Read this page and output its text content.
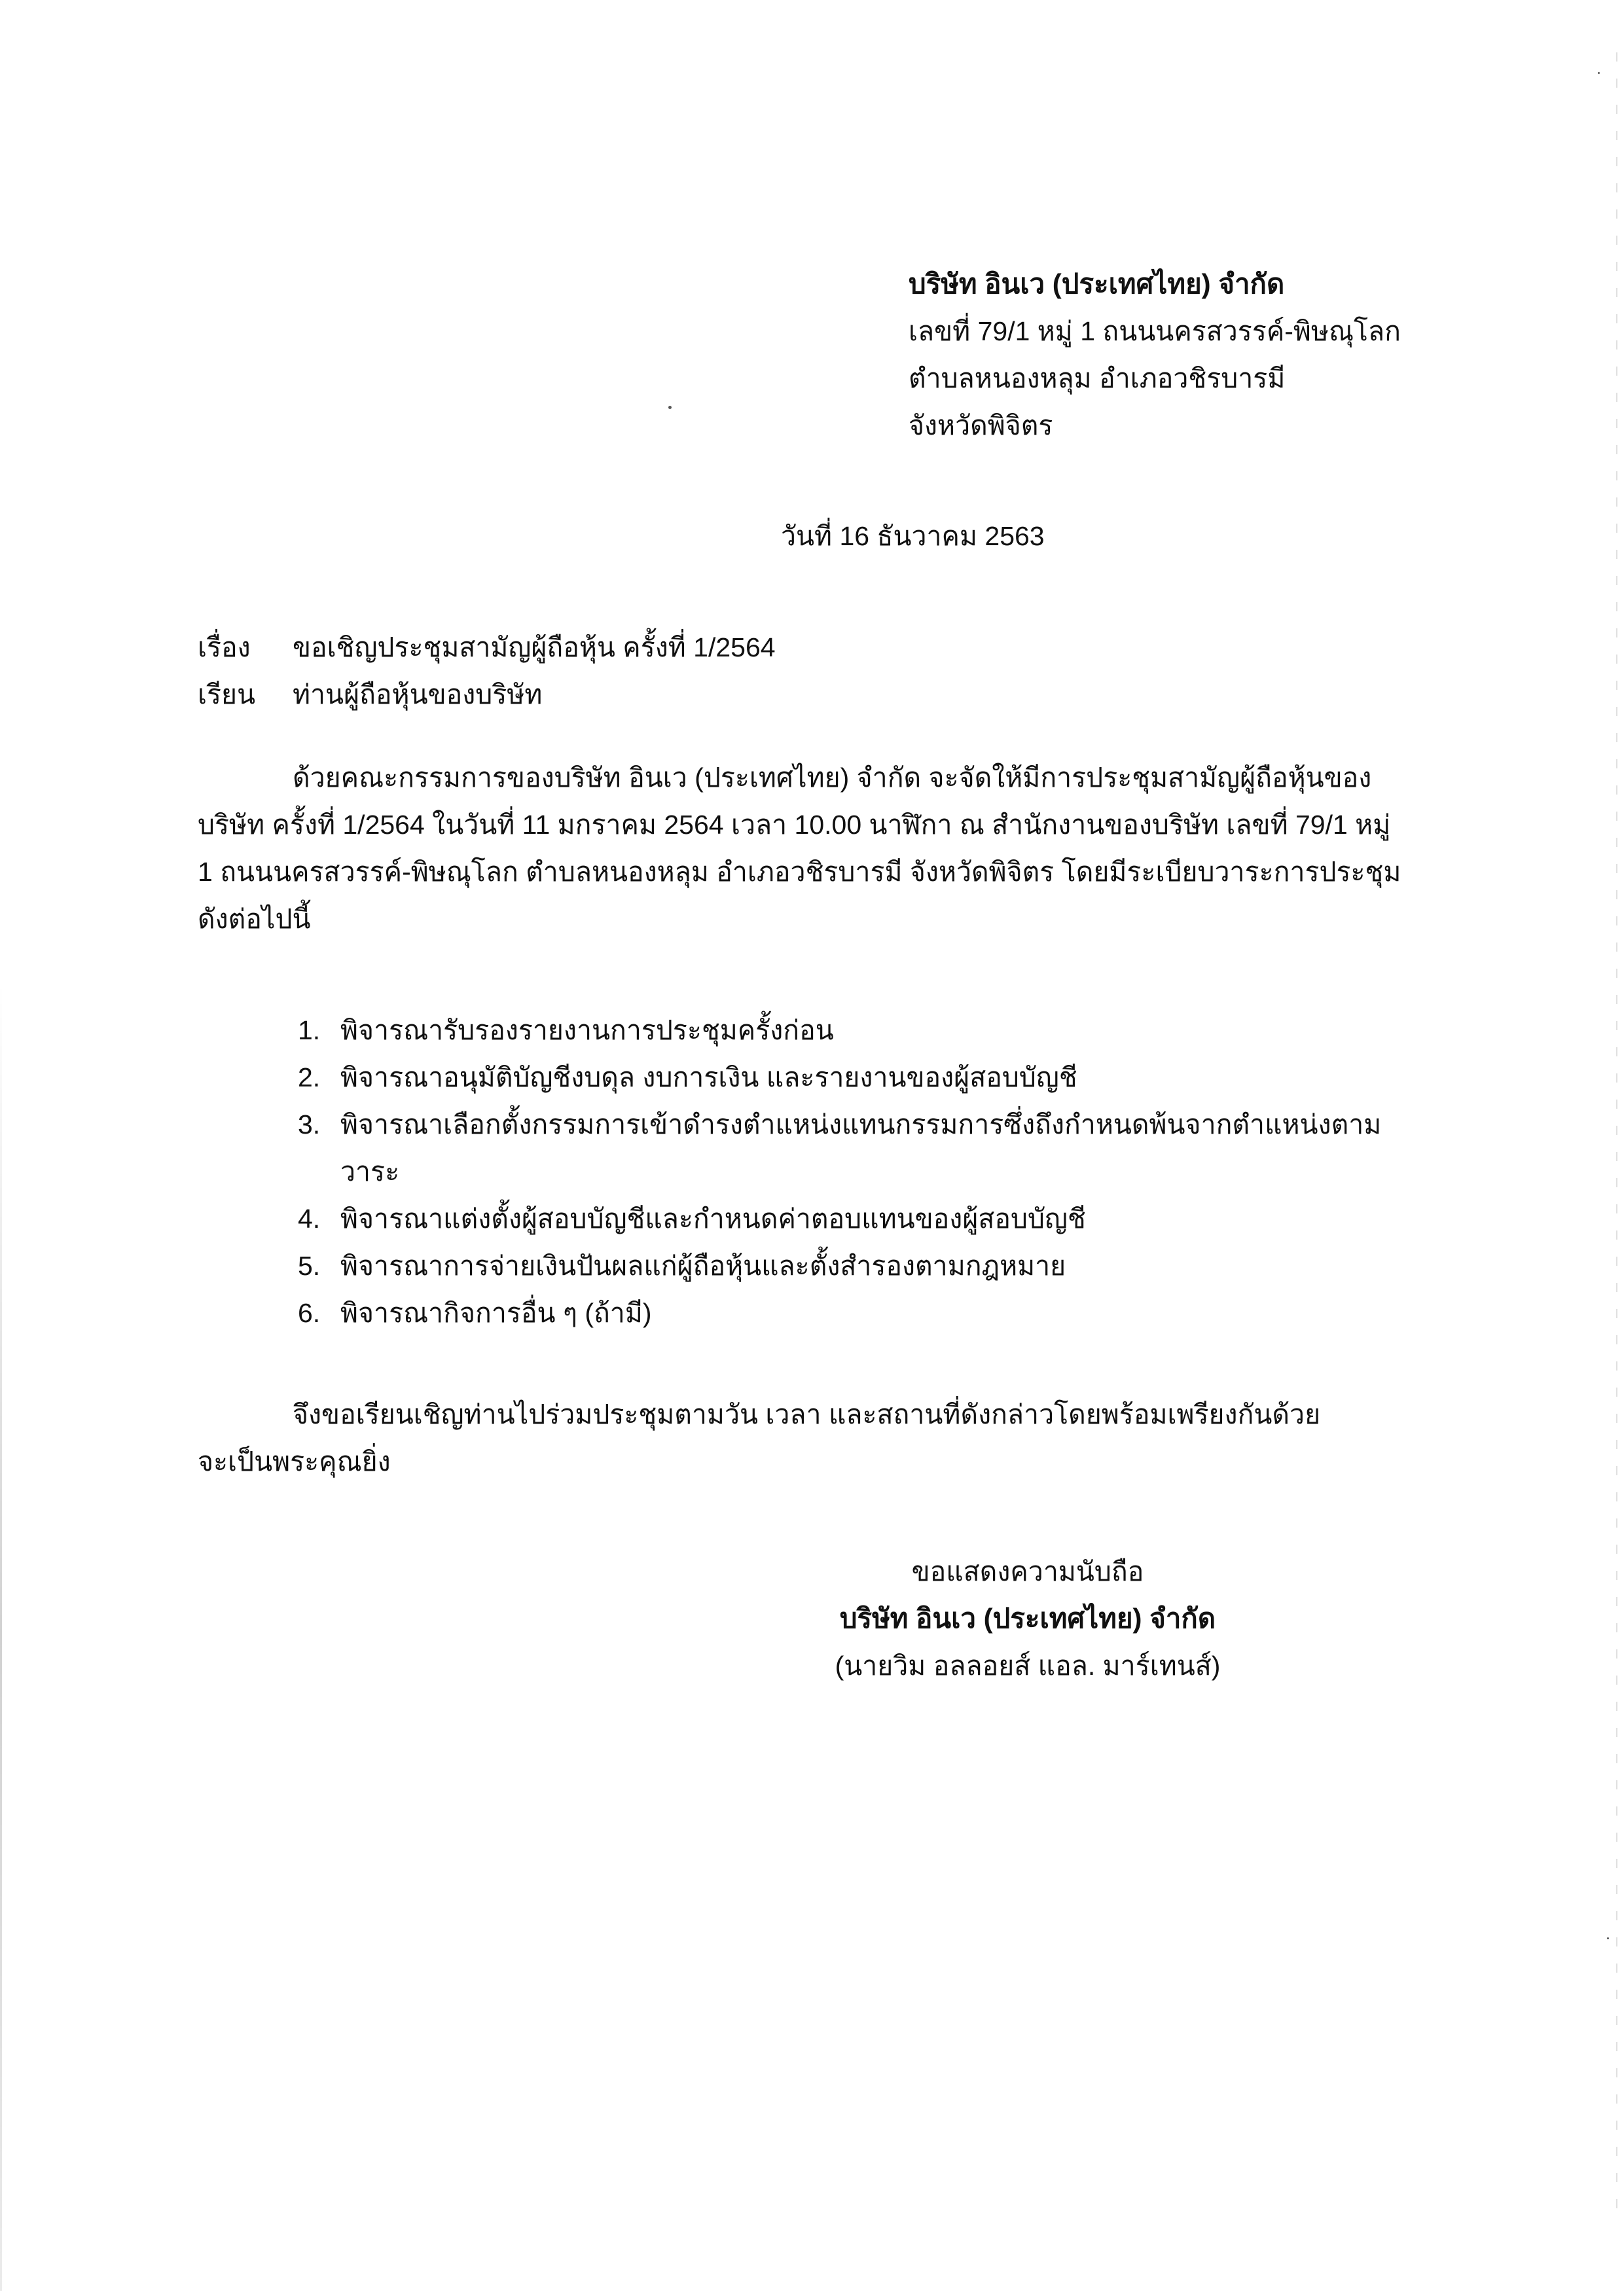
บริษัท อินเว (ประเทศไทย) จำกัด
เลขที่ 79/1 หมู่ 1 ถนนนครสวรรค์-พิษณุโลก
ตำบลหนองหลุม อำเภอวชิรบารมี
จังหวัดพิจิตร
วันที่ 16 ธันวาคม 2563
เรื่อง ขอเชิญประชุมสามัญผู้ถือหุ้น ครั้งที่ 1/2564
เรียน ท่านผู้ถือหุ้นของบริษัท
ด้วยคณะกรรมการของบริษัท อินเว (ประเทศไทย) จำกัด จะจัดให้มีการประชุมสามัญผู้ถือหุ้นของ
บริษัท ครั้งที่ 1/2564 ในวันที่ 11 มกราคม 2564 เวลา 10.00 นาฬิกา ณ สำนักงานของบริษัท เลขที่ 79/1 หมู่
1 ถนนนครสวรรค์-พิษณุโลก ตำบลหนองหลุม อำเภอวชิรบารมี จังหวัดพิจิตร โดยมีระเบียบวาระการประชุม
ดังต่อไปนี้
1. พิจารณารับรองรายงานการประชุมครั้งก่อน
2. พิจารณาอนุมัติบัญชีงบดุล งบการเงิน และรายงานของผู้สอบบัญชี
3. พิจารณาเลือกตั้งกรรมการเข้าดำรงตำแหน่งแทนกรรมการซึ่งถึงกำหนดพ้นจากตำแหน่งตาม
วาระ
4. พิจารณาแต่งตั้งผู้สอบบัญชีและกำหนดค่าตอบแทนของผู้สอบบัญชี
5. พิจารณาการจ่ายเงินปันผลแก่ผู้ถือหุ้นและตั้งสำรองตามกฎหมาย
6. พิจารณากิจการอื่น ๆ (ถ้ามี)
จึงขอเรียนเชิญท่านไปร่วมประชุมตามวัน เวลา และสถานที่ดังกล่าวโดยพร้อมเพรียงกันด้วย
จะเป็นพระคุณยิ่ง
ขอแสดงความนับถือ
บริษัท อินเว (ประเทศไทย) จำกัด
(นายวิม อลลอยส์ แอล. มาร์เทนส์)
